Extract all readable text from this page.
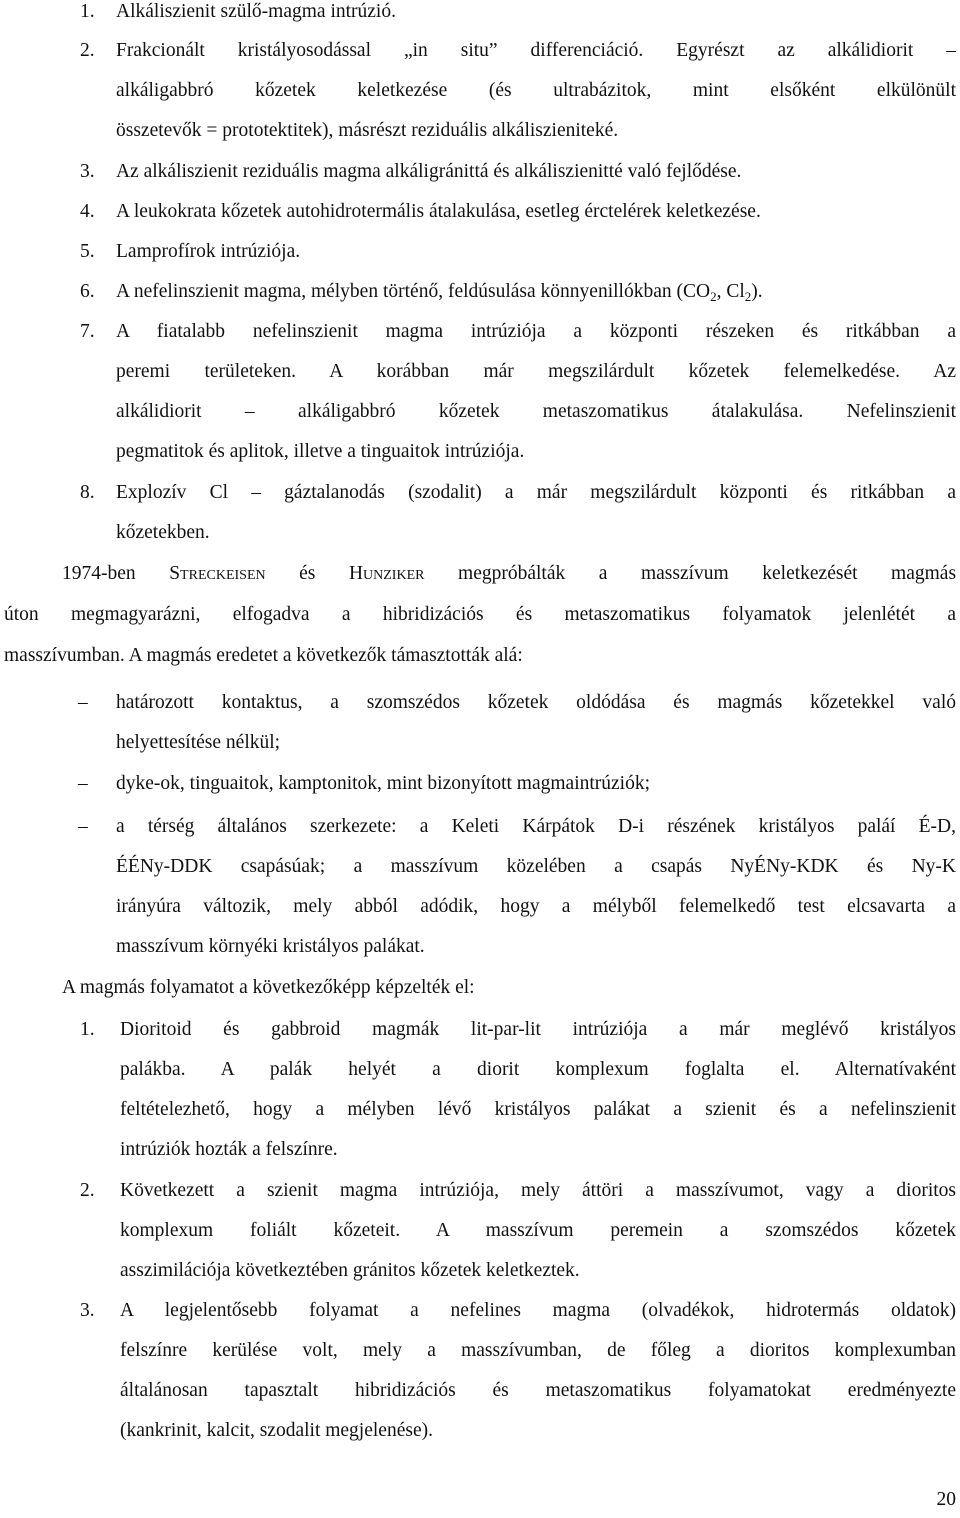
1. Alkáliszienit szülő-magma intrúzió.
2. Frakcionált kristályosodással „in situ” differenciáció. Egyrészt az alkálidiorit –
alkáligabbró kőzetek keletkezése (és ultrabázitok, mint elsőként elkülönült
összetevők = prototektitek), másrészt reziduális alkáliszieniteké.
3. Az alkáliszienit reziduális magma alkáligránittá és alkáliszienitté való fejlődése.
4. A leukokrata kőzetek autohidrotermális átalakulása, esetleg érctelérek keletkezése.
5. Lamprofírok intrúziója.
6. A nefelinszienit magma, mélyben történő, feldúsulása könnyenillókban ($CO_2$, $Cl_2$).
7. A fiatalabb nefelinszienit magma intrúziója a központi részeken és ritkábban a
peremi területeken. A korábban már megszilárdult kőzetek felemelkedése. Az
alkálidiorit – alkáligabbró kőzetek metaszomatikus átalakulása. Nefelinszienit
pegmatitok és aplitok, illetve a tinguaitok intrúziója.
8. Explozív Cl – gáztalanodás (szodalit) a már megszilárdult központi és ritkábban a
kőzetekben.
1974-ben Streckeisen és Hunziker megpróbálták a masszívum keletkezését magmás
úton megmagyarázni, elfogadva a hibridizációs és metaszomatikus folyamatok jelenlétét a
masszívumban. A magmás eredetet a következők támasztották alá:
– határozott kontaktus, a szomszédos kőzetek oldódása és magmás kőzetekkel való
helyettesítése nélkül;
– dyke-ok, tinguaitok, kamptonitok, mint bizonyított magmaintrúziók;
– a térség általános szerkezete: a Keleti Kárpátok D-i részének kristályos paláí É-D,
ÉÉNy-DDK csapásúak; a masszívum közelében a csapás NyÉNy-KDK és Ny-K
irányúra változik, mely abból adódik, hogy a mélyből felemelkedő test elcsavarta a
masszívum környéki kristályos palákat.
A magmás folyamatot a következőképp képzelték el:
1. Dioritoid és gabbroid magmák lit-par-lit intrúziója a már meglévő kristályos
palákba. A palák helyét a diorit komplexum foglalta el. Alternatívaként
feltételezhető, hogy a mélyben lévő kristályos palákat a szienit és a nefelinszienit
intrúziók hozták a felszínre.
2. Következett a szienit magma intrúziója, mely áttöri a masszívumot, vagy a dioritos
komplexum foliált kőzeteit. A masszívum peremein a szomszédos kőzetek
asszimilációja következtében gránitos kőzetek keletkeztek.
3. A legjelentősebb folyamat a nefelines magma (olvadékok, hidrotermás oldatok)
felszínre kerülése volt, mely a masszívumban, de főleg a dioritos komplexumban
általánosan tapasztalt hibridizációs és metaszomatikus folyamatokat eredményezte
(kankrinit, kalcit, szodalit megjelenése).
20
